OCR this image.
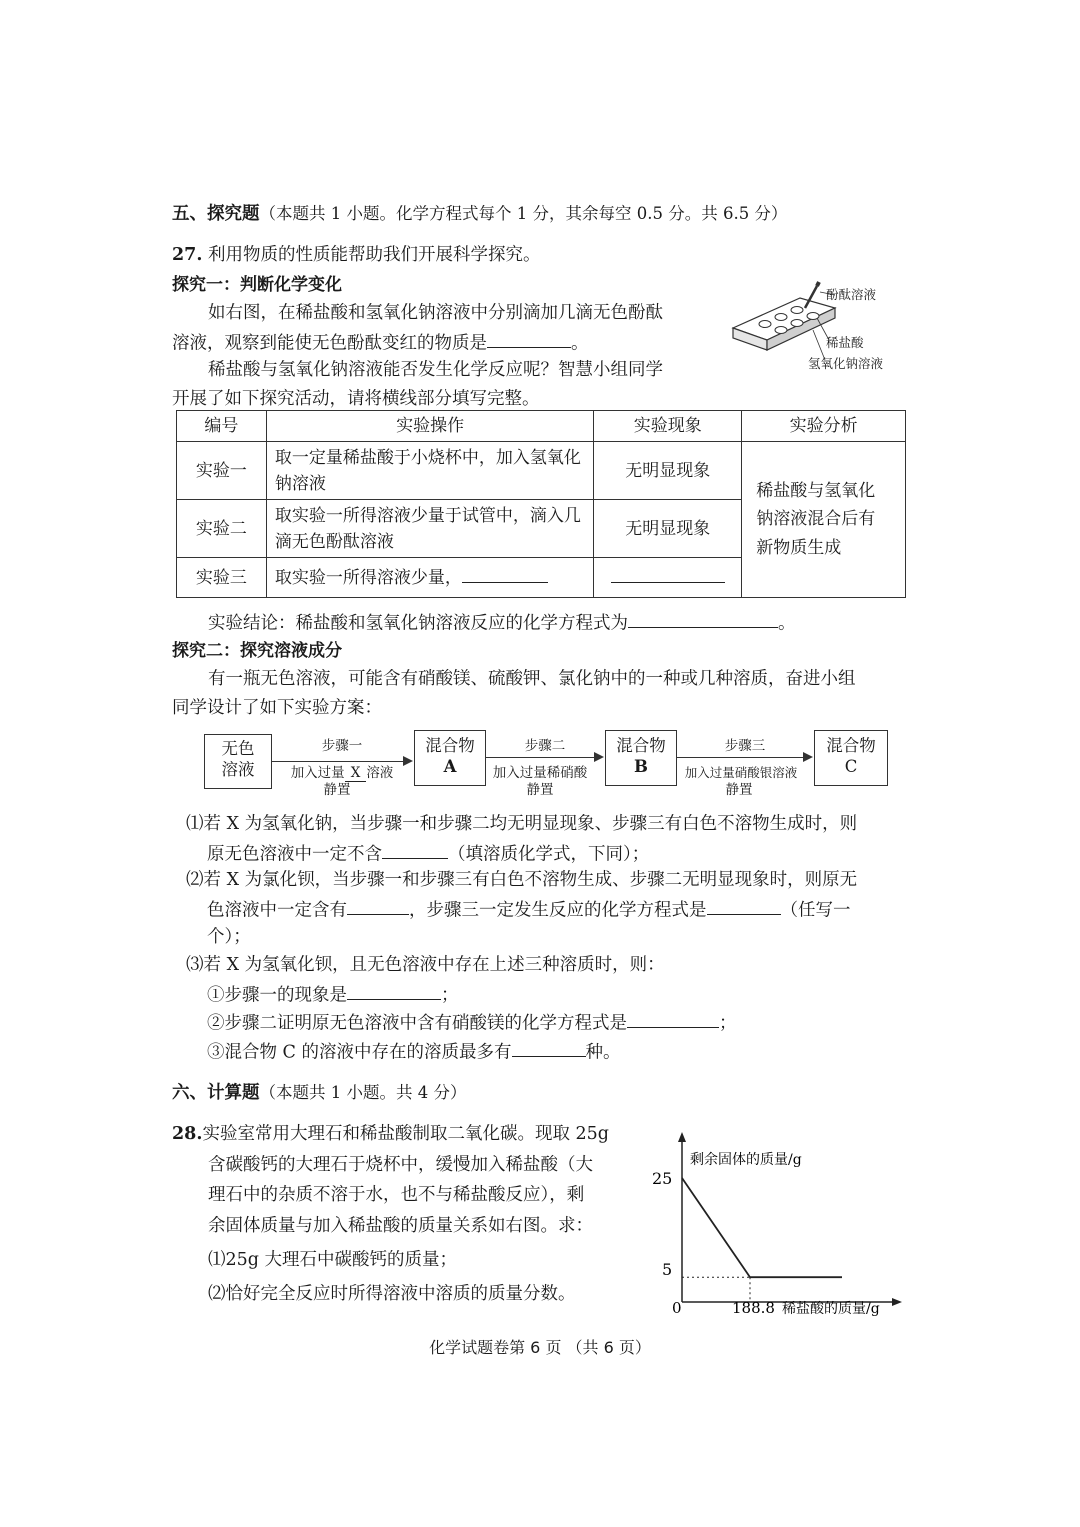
五、探究题（本题共 1 小题。化学方程式每个 1 分，其余每空 0.5 分。共 6.5 分）
27. 利用物质的性质能帮助我们开展科学探究。
探究一：判断化学变化
如右图，在稀盐酸和氢氧化钠溶液中分别滴加几滴无色酚酞
溶液，观察到能使无色酚酞变红的物质是	。
稀盐酸与氢氧化钠溶液能否发生化学反应呢？智慧小组同学
开展了如下探究活动，请将横线部分填写完整。
酚酞溶液
稀盐酸
氢氧化钠溶液
编号	实验操作	实验现象	实验分析
实验一	取一定量稀盐酸于小烧杯中，加入氢氧化钠溶液	无明显现象	稀盐酸与氢氧化钠溶液混合后有新物质生成
实验二	取实验一所得溶液少量于试管中，滴入几滴无色酚酞溶液	无明显现象	
实验三	取实验一所得溶液少量，		
实验结论：稀盐酸和氢氧化钠溶液反应的化学方程式为	。
探究二：探究溶液成分
有一瓶无色溶液，可能含有硝酸镁、硫酸钾、氯化钠中的一种或几种溶质，奋进小组
同学设计了如下实验方案：
无色
溶液
步骤一
加入过量 X 溶液
静置
混合物
A
步骤二
加入过量稀硝酸
静置
混合物
B
步骤三
加入过量硝酸银溶液
静置
混合物
C
⑴若 X 为氢氧化钠，当步骤一和步骤二均无明显现象、步骤三有白色不溶物生成时，则
原无色溶液中一定不含	（填溶质化学式，下同）；
⑵若 X 为氯化钡，当步骤一和步骤三有白色不溶物生成、步骤二无明显现象时，则原无
色溶液中一定含有	，步骤三一定发生反应的化学方程式是	（任写一
个）；
⑶若 X 为氢氧化钡，且无色溶液中存在上述三种溶质时，则：
①步骤一的现象是	；
②步骤二证明原无色溶液中含有硝酸镁的化学方程式是	；
③混合物 C 的溶液中存在的溶质最多有	种。
六、计算题（本题共 1 小题。共 4 分）
28.实验室常用大理石和稀盐酸制取二氧化碳。现取 25g
含碳酸钙的大理石于烧杯中，缓慢加入稀盐酸（大
理石中的杂质不溶于水，也不与稀盐酸反应），剩
余固体质量与加入稀盐酸的质量关系如右图。求：
⑴25g 大理石中碳酸钙的质量；
⑵恰好完全反应时所得溶液中溶质的质量分数。
剩余固体的质量/g
25
5
0	188.8 稀盐酸的质量/g
化学试题卷第 6 页 （共 6 页）
